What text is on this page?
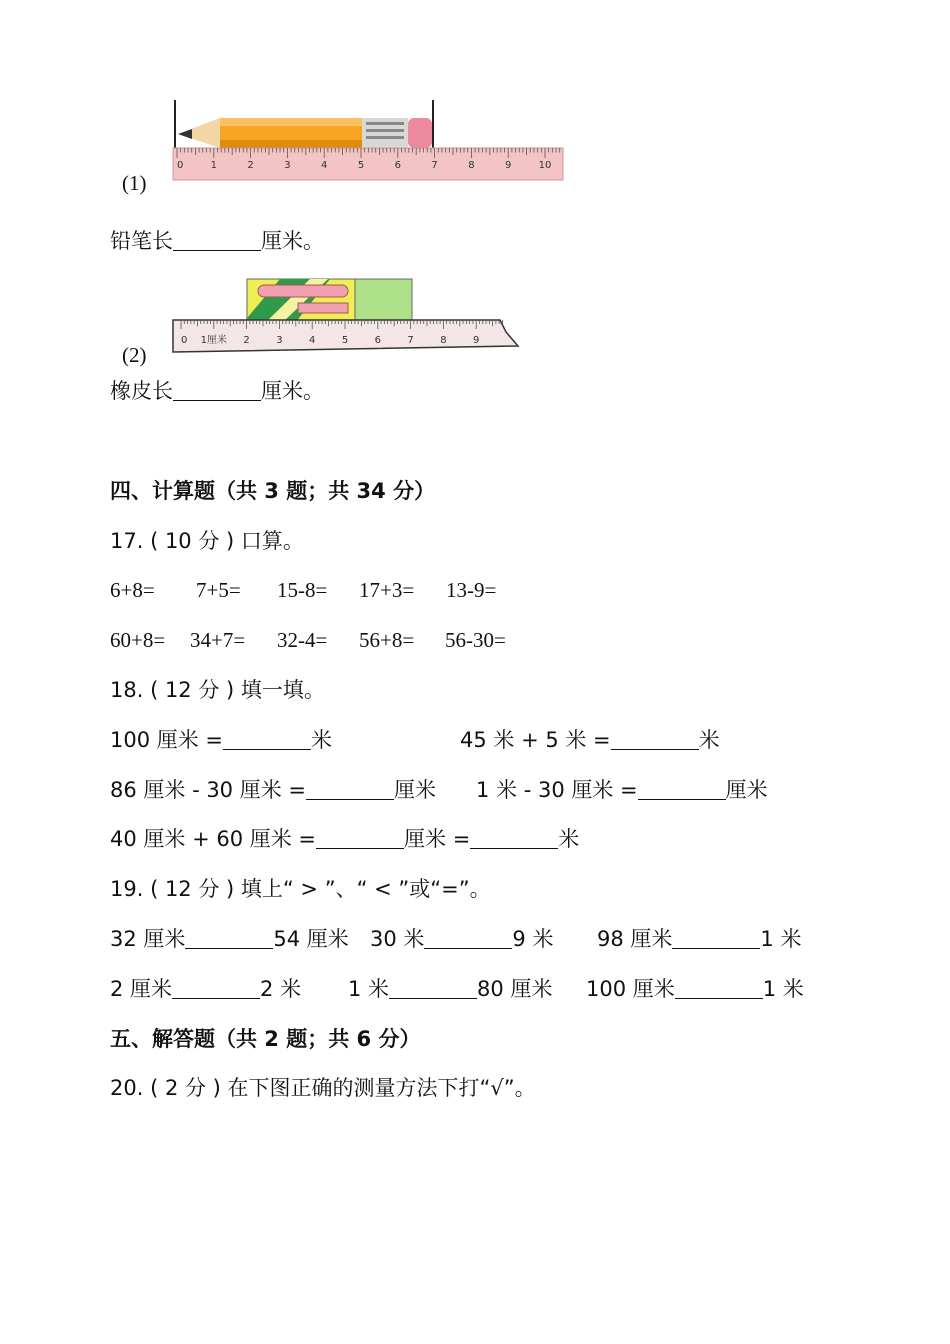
0	1	2	3	4	5	6	7	8	9	10
(1)
铅笔长	厘米。
0 1厘米 2	3	4	5	6	7	8	9
(2)
橡皮长	厘米。
四、计算题（共 3 题；共 34 分）
17. ( 10 分 ) 口算。
6+8= 7+5= 15-8= 17+3= 13-9=
60+8= 34+7= 32-4= 56+8= 56-30=
18. ( 12 分 ) 填一填。
100 厘米 =	米	45 米 + 5 米 =	米
86 厘米 - 30 厘米 =	厘米 1 米 - 30 厘米 =	厘米
40 厘米 + 60 厘米 =	厘米 =	米
19. ( 12 分 ) 填上“ > ”、“ < ”或“=”。
32 厘米	54 厘米 30 米	9 米 98 厘米	1 米
2 厘米	2 米 1 米	80 厘米 100 厘米	1 米
五、解答题（共 2 题；共 6 分）
20. ( 2 分 ) 在下图正确的测量方法下打“√”。
